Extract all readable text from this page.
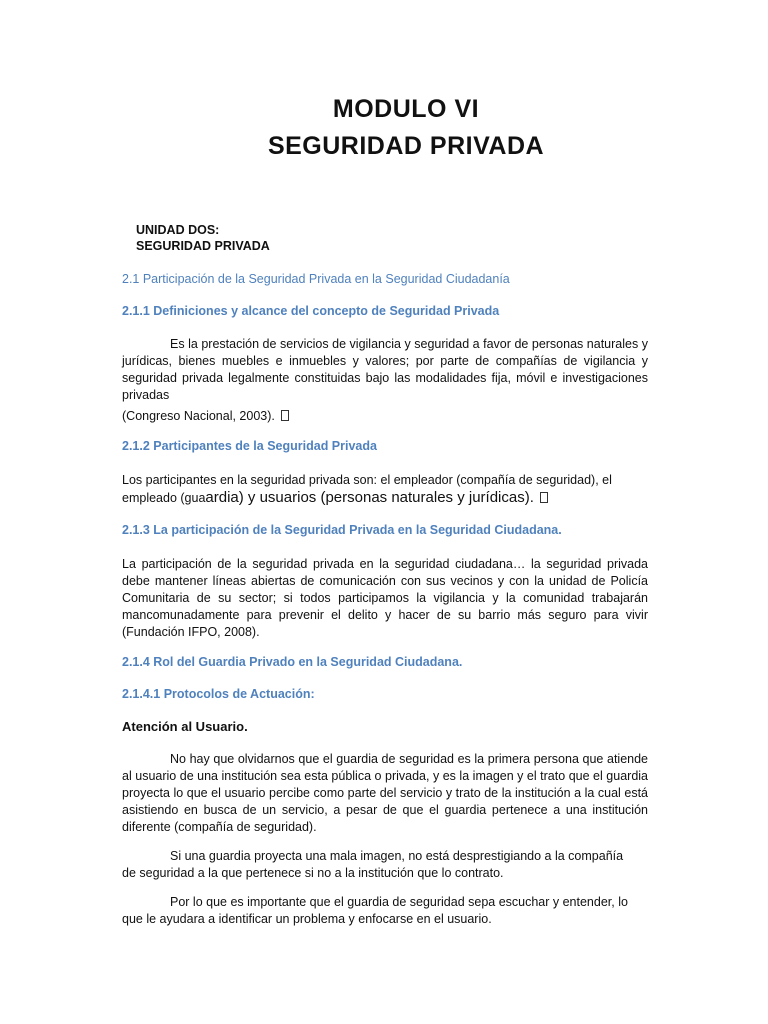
MODULO VI
SEGURIDAD PRIVADA
UNIDAD DOS:
SEGURIDAD PRIVADA
2.1 Participación de la Seguridad Privada en la Seguridad Ciudadanía
2.1.1 Definiciones y alcance del concepto de Seguridad Privada

Es la prestación de servicios de vigilancia y seguridad a favor de personas naturales y jurídicas, bienes muebles e inmuebles y valores; por parte de compañías de vigilancia y seguridad privada legalmente constituidas bajo las modalidades fija, móvil e investigaciones privadas

(Congreso Nacional, 2003).

2.1.2 Participantes de la Seguridad Privada

Los participantes en la seguridad privada son: el empleador (compañía de seguridad), el

empleado (guaardia) y usuarios (personas naturales y jurídicas).

2.1.3 La participación de la Seguridad Privada en la Seguridad Ciudadana.

La participación de la seguridad privada en la seguridad ciudadana… la seguridad privada debe mantener líneas abiertas de comunicación con sus vecinos y con la unidad de Policía Comunitaria de su sector; si todos participamos la vigilancia y la comunidad trabajarán mancomunadamente para prevenir el delito y hacer de su barrio más seguro para vivir (Fundación IFPO, 2008).

2.1.4 Rol del Guardia Privado en la Seguridad Ciudadana.
2.1.4.1 Protocolos de Actuación:
Atención al Usuario.

No hay que olvidarnos que el guardia de seguridad es la primera persona que atiende al usuario de una institución sea esta pública o privada, y es la imagen y el trato que el guardia proyecta lo que el usuario percibe como parte del servicio y trato de la institución a la cual está asistiendo en busca de un servicio, a pesar de que el guardia pertenece a una institución diferente (compañía de seguridad).

Si una guardia proyecta una mala imagen, no está desprestigiando a la compañía de seguridad a la que pertenece si no a la institución que lo contrato.

Por lo que es importante que el guardia de seguridad sepa escuchar y entender, lo que le ayudara a identificar un problema y enfocarse en el usuario.
